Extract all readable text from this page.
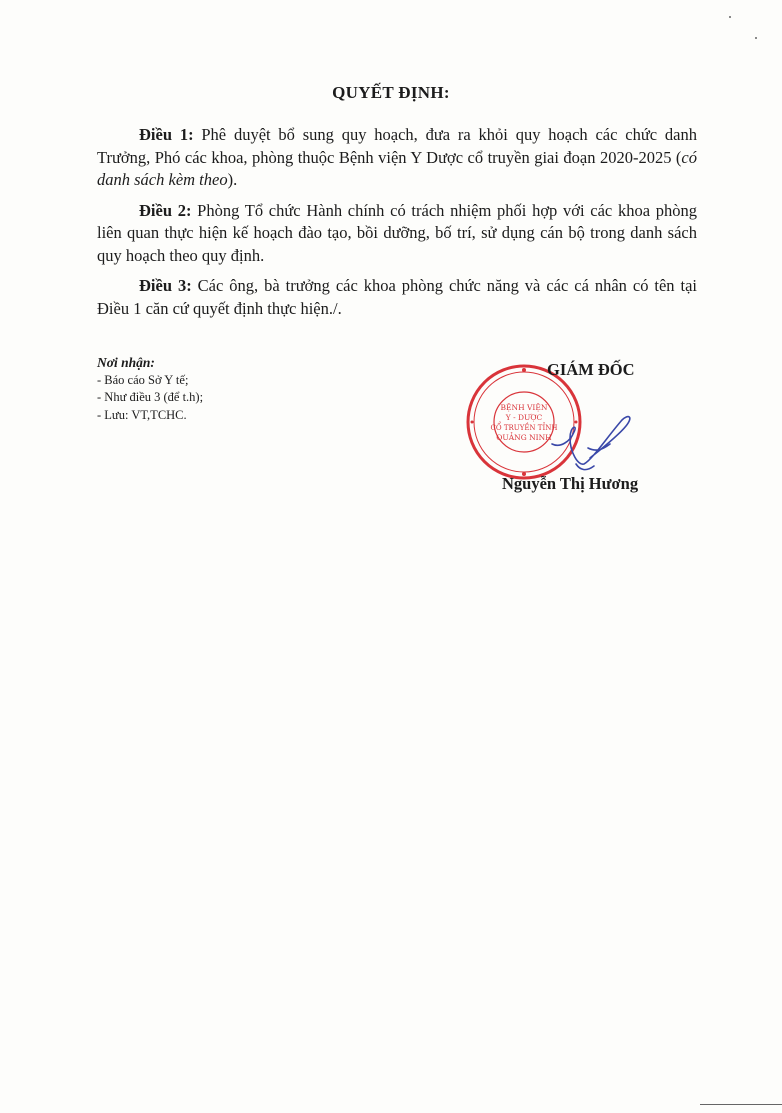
QUYẾT ĐỊNH:

Điều 1: Phê duyệt bổ sung quy hoạch, đưa ra khỏi quy hoạch các chức danh Trưởng, Phó các khoa, phòng thuộc Bệnh viện Y Dược cổ truyền giai đoạn 2020-2025 (có danh sách kèm theo).

Điều 2: Phòng Tổ chức Hành chính có trách nhiệm phối hợp với các khoa phòng liên quan thực hiện kế hoạch đào tạo, bồi dưỡng, bố trí, sử dụng cán bộ trong danh sách quy hoạch theo quy định.

Điều 3: Các ông, bà trưởng các khoa phòng chức năng và các cá nhân có tên tại Điều 1 căn cứ quyết định thực hiện./.

Nơi nhận:
- Báo cáo Sở Y tế;
- Như điều 3 (để t.h);
- Lưu: VT,TCHC.	BỆNH VIỆN
Y - DƯỢC
CỔ TRUYỀN TỈNH
QUẢNG NINH
GIÁM ĐỐC
Nguyễn Thị Hương
